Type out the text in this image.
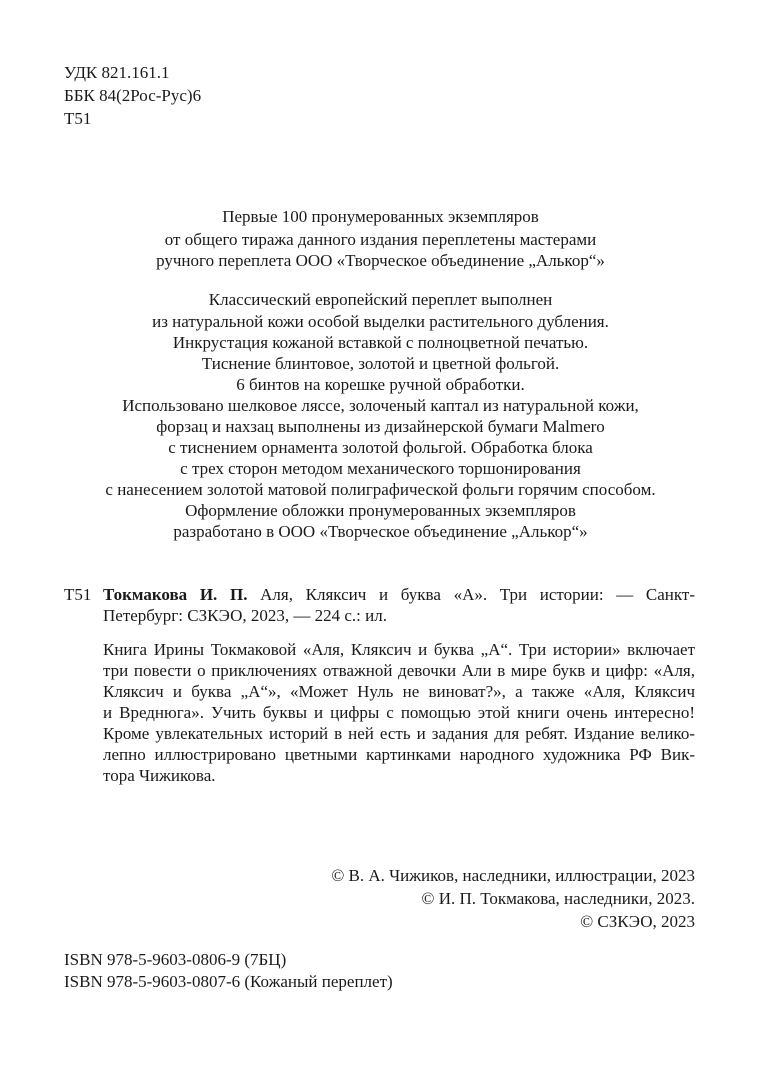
УДК 821.161.1
ББК 84(2Рос-Рус)6
Т51
Первые 100 пронумерованных экземпляров
от общего тиража данного издания переплетены мастерами
ручного переплета ООО «Творческое объединение „Алькор“»
Классический европейский переплет выполнен
из натуральной кожи особой выделки растительного дубления.
Инкрустация кожаной вставкой с полноцветной печатью.
Тиснение блинтовое, золотой и цветной фольгой.
6 бинтов на корешке ручной обработки.
Использовано шелковое ляссе, золоченый каптал из натуральной кожи,
форзац и нахзац выполнены из дизайнерской бумаги Malmero
с тиснением орнамента золотой фольгой. Обработка блока
с трех сторон методом механического торшонирования
с нанесением золотой матовой полиграфической фольги горячим способом.
Оформление обложки пронумерованных экземпляров
разработано в ООО «Творческое объединение „Алькор“»
Т51 Токмакова И. П. Аля, Кляксич и буква «А». Три истории: — Санкт-
Петербург: СЗКЭО, 2023, — 224 с.: ил.
Книга Ирины Токмаковой «Аля, Кляксич и буква „А“. Три истории» включает
три повести о приключениях отважной девочки Али в мире букв и цифр: «Аля,
Кляксич и буква „А“», «Может Нуль не виноват?», а также «Аля, Кляксич
и Вреднюга». Учить буквы и цифры с помощью этой книги очень интересно!
Кроме увлекательных историй в ней есть и задания для ребят. Издание велико-
лепно иллюстрировано цветными картинками народного художника РФ Вик-
тора Чижикова.
© В. А. Чижиков, наследники, иллюстрации, 2023
© И. П. Токмакова, наследники, 2023.
© СЗКЭО, 2023
ISBN 978-5-9603-0806-9 (7БЦ)
ISBN 978-5-9603-0807-6 (Кожаный переплет)
